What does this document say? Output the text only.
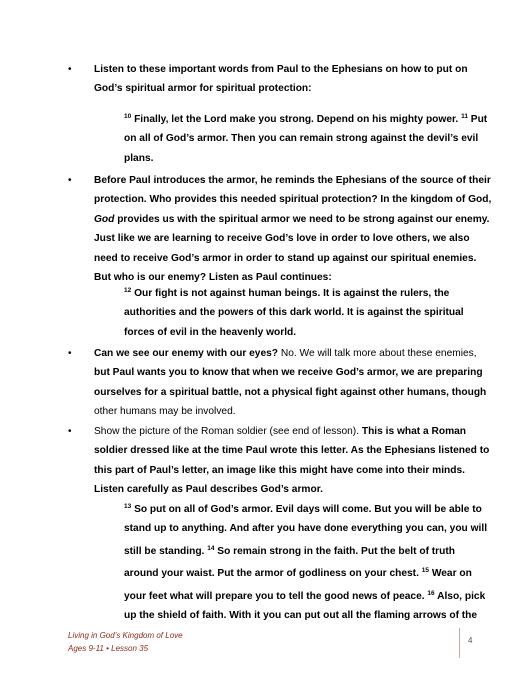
• Listen to these important words from Paul to the Ephesians on how to put on
God’s spiritual armor for spiritual protection:
$^{10}$ Finally, let the Lord make you strong. Depend on his mighty power. $^{11}$ Put
on all of God’s armor. Then you can remain strong against the devil’s evil
plans.
• Before Paul introduces the armor, he reminds the Ephesians of the source of their
protection. Who provides this needed spiritual protection? In the kingdom of God,
God provides us with the spiritual armor we need to be strong against our enemy.
Just like we are learning to receive God’s love in order to love others, we also
need to receive God’s armor in order to stand up against our spiritual enemies.
But who is our enemy? Listen as Paul continues:
$^{12}$ Our fight is not against human beings. It is against the rulers, the
authorities and the powers of this dark world. It is against the spiritual
forces of evil in the heavenly world.
• Can we see our enemy with our eyes? No. We will talk more about these enemies,
but Paul wants you to know that when we receive God’s armor, we are preparing
ourselves for a spiritual battle, not a physical fight against other humans, though
other humans may be involved.
• Show the picture of the Roman soldier (see end of lesson). This is what a Roman
soldier dressed like at the time Paul wrote this letter. As the Ephesians listened to
this part of Paul’s letter, an image like this might have come into their minds.
Listen carefully as Paul describes God’s armor.
$^{13}$ So put on all of God’s armor. Evil days will come. But you will be able to
stand up to anything. And after you have done everything you can, you will
still be standing. $^{14}$ So remain strong in the faith. Put the belt of truth
around your waist. Put the armor of godliness on your chest. $^{15}$ Wear on
your feet what will prepare you to tell the good news of peace. $^{16}$ Also, pick
up the shield of faith. With it you can put out all the flaming arrows of the
Living in God’s Kingdom of Love
Ages 9-11 • Lesson 35
4
